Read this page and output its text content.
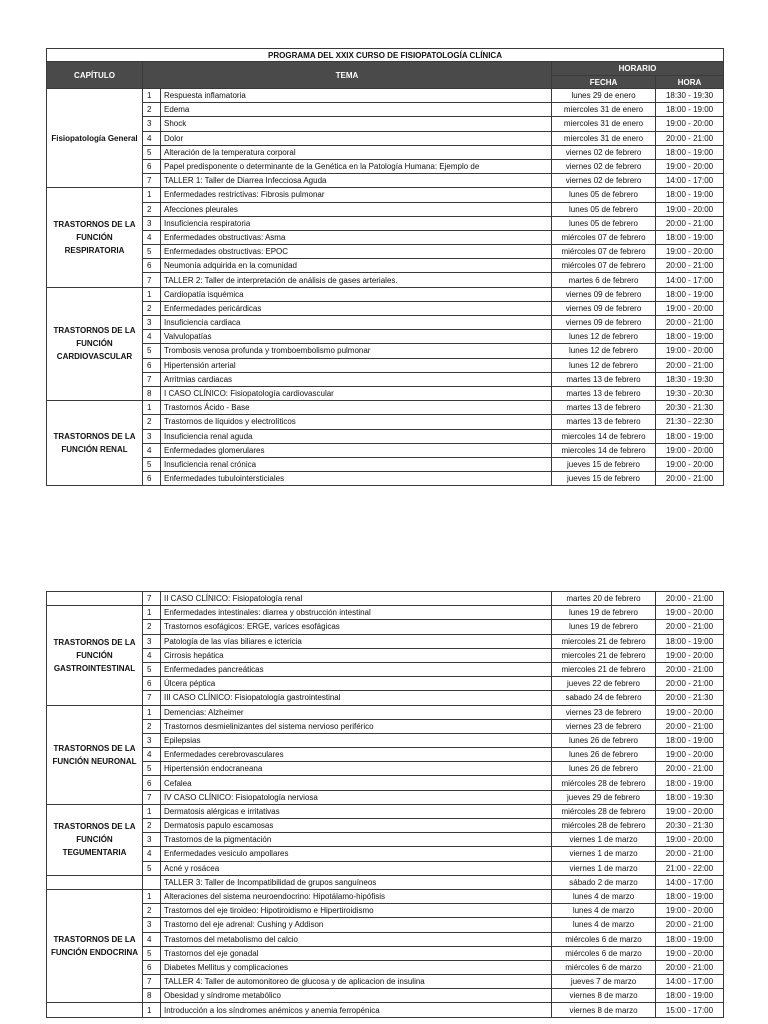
PROGRAMA DEL XXIX CURSO DE FISIOPATOLOGÍA CLÍNICA				
CAPÍTULO	TEMA		HORARIO	
			FECHA	HORA
Fisiopatología General	1	Respuesta inflamatoria	lunes 29 de enero	18:30 - 19:30
	2	Edema	miercoles 31 de enero	18:00 - 19:00
	3	Shock	miercoles 31 de enero	19:00 - 20:00
	4	Dolor	miercoles 31 de enero	20:00 - 21:00
	5	Alteración de la temperatura corporal	viernes 02 de febrero	18:00 - 19:00
	6	Papel predisponente o determinante de la Genética en la Patología Humana: Ejemplo de	viernes 02 de febrero	19:00 - 20:00
	7	TALLER 1: Taller de Diarrea Infecciosa Aguda	viernes 02 de febrero	14:00 - 17:00
TRASTORNOS DE LA FUNCIÓN RESPIRATORIA	1	Enfermedades restrictivas: Fibrosis pulmonar	lunes 05 de febrero	18:00 - 19:00
	2	Afecciones pleurales	lunes 05 de febrero	19:00 - 20:00
	3	Insuficiencia respiratoria	lunes 05 de febrero	20:00 - 21:00
	4	Enfermedades obstructivas: Asma	miércoles 07 de febrero	18:00 - 19:00
	5	Enfermedades obstructivas: EPOC	miércoles 07 de febrero	19:00 - 20:00
	6	Neumonía adquirida en la comunidad	miércoles 07 de febrero	20:00 - 21:00
	7	TALLER 2: Taller de interpretación de análisis de gases arteriales.	martes 6 de febrero	14:00 - 17:00
TRASTORNOS DE LA FUNCIÓN CARDIOVASCULAR	1	Cardiopatía isquémica	viernes 09 de febrero	18:00 - 19:00
	2	Enfermedades pericárdicas	viernes 09 de febrero	19:00 - 20:00
	3	Insuficiencia cardiaca	viernes 09 de febrero	20:00 - 21:00
	4	Valvulopatías	lunes 12 de febrero	18:00 - 19:00
	5	Trombosis venosa profunda y tromboembolismo pulmonar	lunes 12 de febrero	19:00 - 20:00
	6	Hipertensión arterial	lunes 12 de febrero	20:00 - 21:00
	7	Arritmias cardiacas	martes 13 de febrero	18:30 - 19:30
	8	I CASO CLÍNICO: Fisiopatología cardiovascular	martes 13 de febrero	19:30 - 20:30
TRASTORNOS DE LA FUNCIÓN RENAL	1	Trastornos Ácido - Base	martes 13 de febrero	20:30 - 21:30
	2	Trastornos de líquidos y electrolíticos	martes 13 de febrero	21:30 - 22:30
	3	Insuficiencia renal aguda	miercoles 14 de febrero	18:00 - 19:00
	4	Enfermedades glomerulares	miercoles 14 de febrero	19:00 - 20:00
	5	Insuficiencia renal crónica	jueves 15 de febrero	19:00 - 20:00
	6	Enfermedades tubulointersticiales	jueves 15 de febrero	20:00 - 21:00
	7	II CASO CLÍNICO: Fisiopatología renal	martes 20 de febrero	20:00 - 21:00
TRASTORNOS DE LA FUNCIÓN GASTROINTESTINAL	1	Enfermedades intestinales: diarrea y obstrucción intestinal	lunes 19 de febrero	19:00 - 20:00
	2	Trastornos esofágicos: ERGE, varices esofágicas	lunes 19 de febrero	20:00 - 21:00
	3	Patología de las vías biliares e ictericia	miercoles 21 de febrero	18:00 - 19:00
	4	Cirrosis hepática	miercoles 21 de febrero	19:00 - 20:00
	5	Enfermedades pancreáticas	miercoles 21 de febrero	20:00 - 21:00
	6	Úlcera péptica	jueves 22 de febrero	20:00 - 21:00
	7	III CASO CLÍNICO: Fisiopatología gastrointestinal	sabado 24 de febrero	20:00 - 21:30
TRASTORNOS DE LA FUNCIÓN NEURONAL	1	Demencias: Alzheimer	viernes 23 de febrero	19:00 - 20:00
	2	Trastornos desmielinizantes del sistema nervioso periférico	viernes 23 de febrero	20:00 - 21:00
	3	Epilepsias	lunes 26 de febrero	18:00 - 19:00
	4	Enfermedades cerebrovasculares	lunes 26 de febrero	19:00 - 20:00
	5	Hipertensión endocraneana	lunes 26 de febrero	20:00 - 21:00
	6	Cefalea	miércoles 28 de febrero	18:00 - 19:00
	7	IV CASO CLÍNICO: Fisiopatología nerviosa	jueves 29 de febrero	18:00 - 19:30
TRASTORNOS DE LA FUNCIÓN TEGUMENTARIA	1	Dermatosis alérgicas e irritativas	miércoles 28 de febrero	19:00 - 20:00
	2	Dermatosis papulo escamosas	miércoles 28 de febrero	20:30 - 21:30
	3	Trastornos de la pigmentación	viernes 1 de marzo	19:00 - 20:00
	4	Enfermedades vesiculo ampollares	viernes 1 de marzo	20:00 - 21:00
	5	Acné y rosácea	viernes 1 de marzo	21:00 - 22:00
		TALLER 3: Taller de Incompatibilidad de grupos sanguíneos	sábado 2 de marzo	14:00 - 17:00
TRASTORNOS DE LA FUNCIÓN ENDOCRINA	1	Alteraciones del sistema neuroendocrino: Hipotálamo-hipófisis	lunes 4 de marzo	18:00 - 19:00
	2	Trastornos del eje tiroideo: Hipotiroidismo e Hipertiroidismo	lunes 4 de marzo	19:00 - 20:00
	3	Trastorno del eje adrenal: Cushing y Addison	lunes 4 de marzo	20:00 - 21:00
	4	Trastornos del metabolismo del calcio	miércoles 6 de marzo	18:00 - 19:00
	5	Trastornos del eje gonadal	miércoles 6 de marzo	19:00 - 20:00
	6	Diabetes Mellitus y complicaciones	miércoles 6 de marzo	20:00 - 21:00
	7	TALLER 4: Taller de automonitoreo de glucosa y de aplicacion de insulina	jueves 7 de marzo	14:00 - 17:00
	8	Obesidad y síndrome metabólico	viernes 8 de marzo	18:00 - 19:00
	1	Introducción a los síndromes anémicos y anemia ferropénica	viernes 8 de marzo	15:00 - 17:00
